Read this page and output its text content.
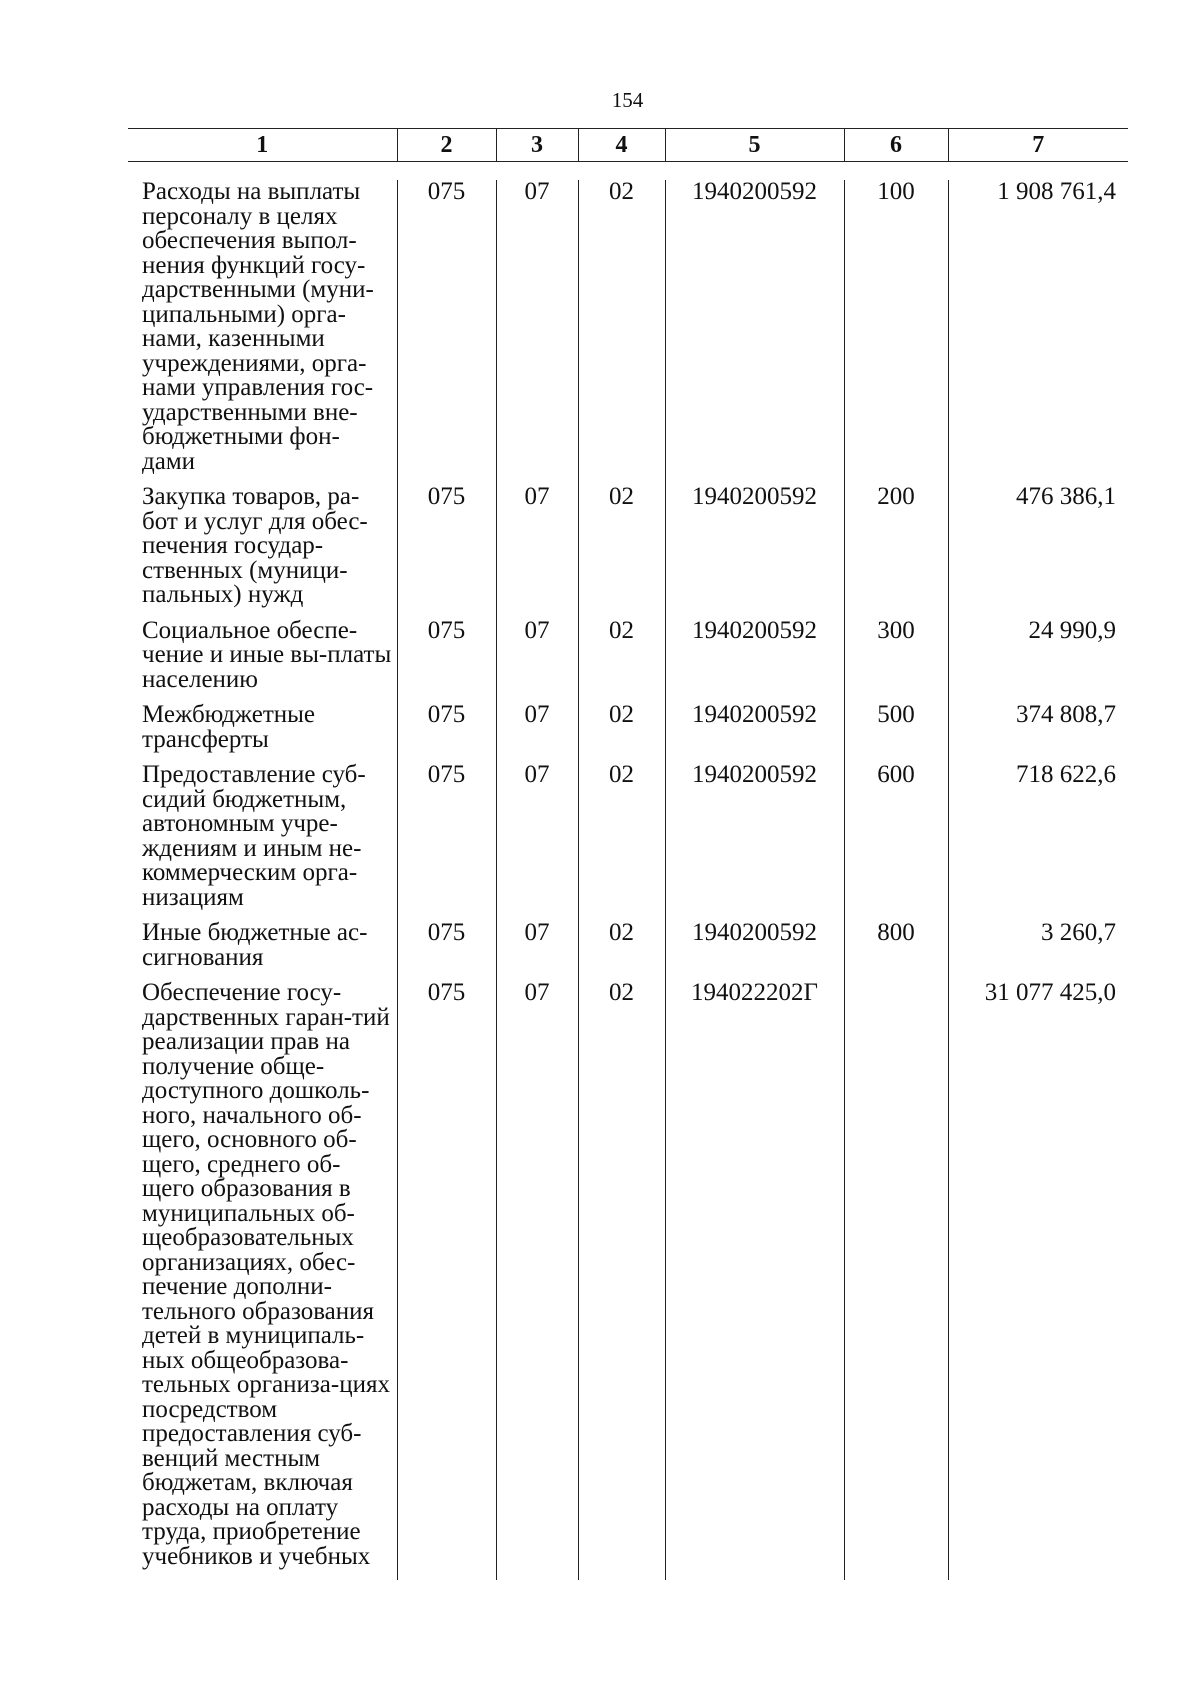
154
1	2	3	4	5	6	7

Расходы на выплаты персоналу в целях обеспечения выпол-нения функций госу-дарственными (муни-ципальными) орга-нами, казенными учреждениями, орга-нами управления гос-ударственными вне-бюджетными фон-дами	075	07	02	1940200592	100	1 908 761,4
Закупка товаров, ра-бот и услуг для обес-печения государ-ственных (муници-пальных) нужд	075	07	02	1940200592	200	476 386,1
Социальное обеспе-чение и иные вы-платы населению	075	07	02	1940200592	300	24 990,9
Межбюджетные трансферты	075	07	02	1940200592	500	374 808,7
Предоставление суб-сидий бюджетным, автономным учре-ждениям и иным не-коммерческим орга-низациям	075	07	02	1940200592	600	718 622,6
Иные бюджетные ас-сигнования	075	07	02	1940200592	800	3 260,7
Обеспечение госу-дарственных гаран-тий реализации прав на получение обще-доступного дошколь-ного, начального об-щего, основного об-щего, среднего об-щего образования в муниципальных об-щеобразовательных организациях, обес-печение дополни-тельного образования детей в муниципаль-ных общеобразова-тельных организа-циях посредством предоставления суб-венций местным бюджетам, включая расходы на оплату труда, приобретение учебников и учебных	075	07	02	194022202Г		31 077 425,0
